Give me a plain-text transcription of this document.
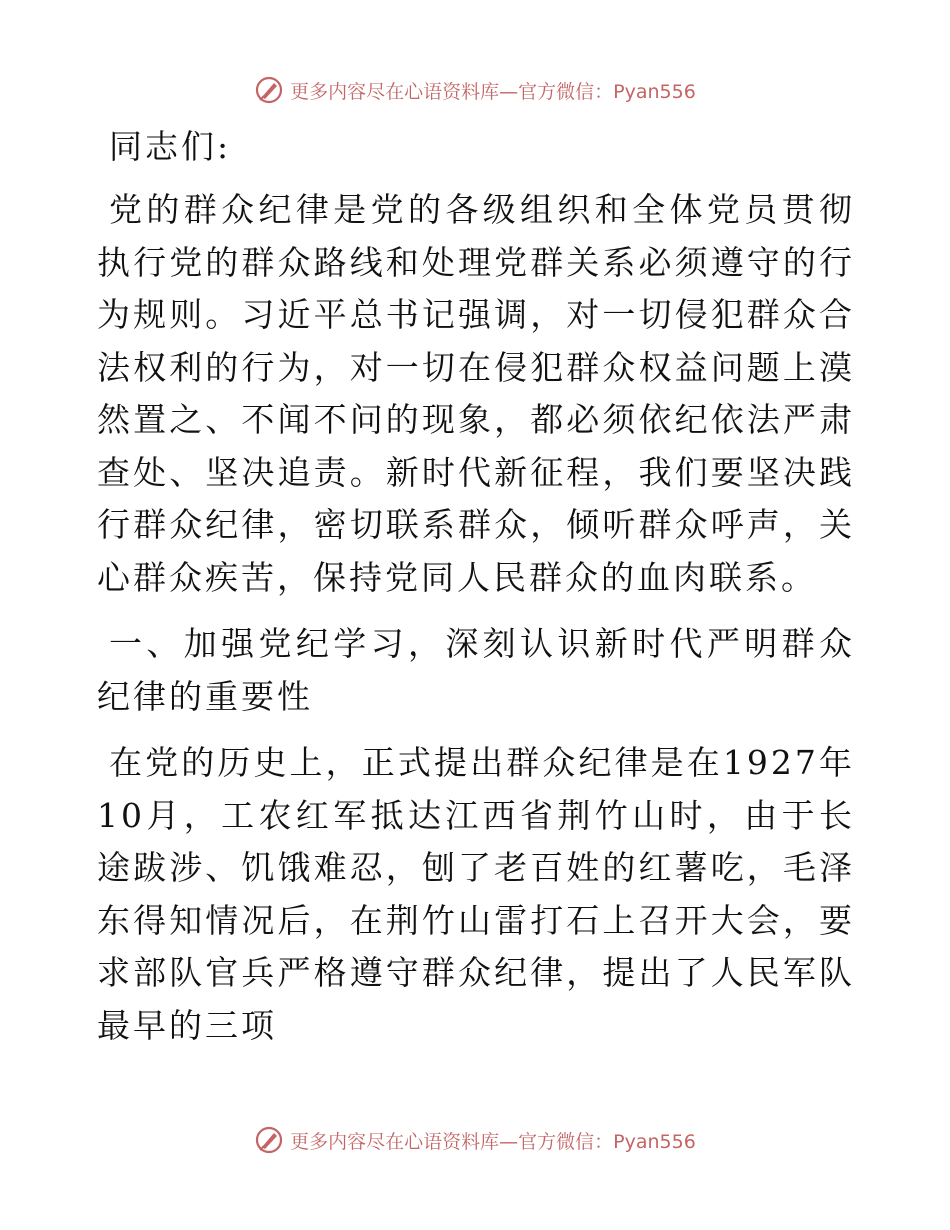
更多内容尽在心语资料库—官方微信：Pyan556

同志们:

党的群众纪律是党的各级组织和全体党员贯彻执行党的群众路线和处理党群关系必须遵守的行为规则。习近平总书记强调，对一切侵犯群众合法权利的行为，对一切在侵犯群众权益问题上漠然置之、不闻不问的现象，都必须依纪依法严肃查处、坚决追责。新时代新征程，我们要坚决践行群众纪律，密切联系群众，倾听群众呼声，关心群众疾苦，保持党同人民群众的血肉联系。

一、加强党纪学习，深刻认识新时代严明群众纪律的重要性

在党的历史上，正式提出群众纪律是在1927年10月，工农红军抵达江西省荆竹山时，由于长途跋涉、饥饿难忍，刨了老百姓的红薯吃，毛泽东得知情况后，在荆竹山雷打石上召开大会，要求部队官兵严格遵守群众纪律，提出了人民军队最早的三项

更多内容尽在心语资料库—官方微信：Pyan556
